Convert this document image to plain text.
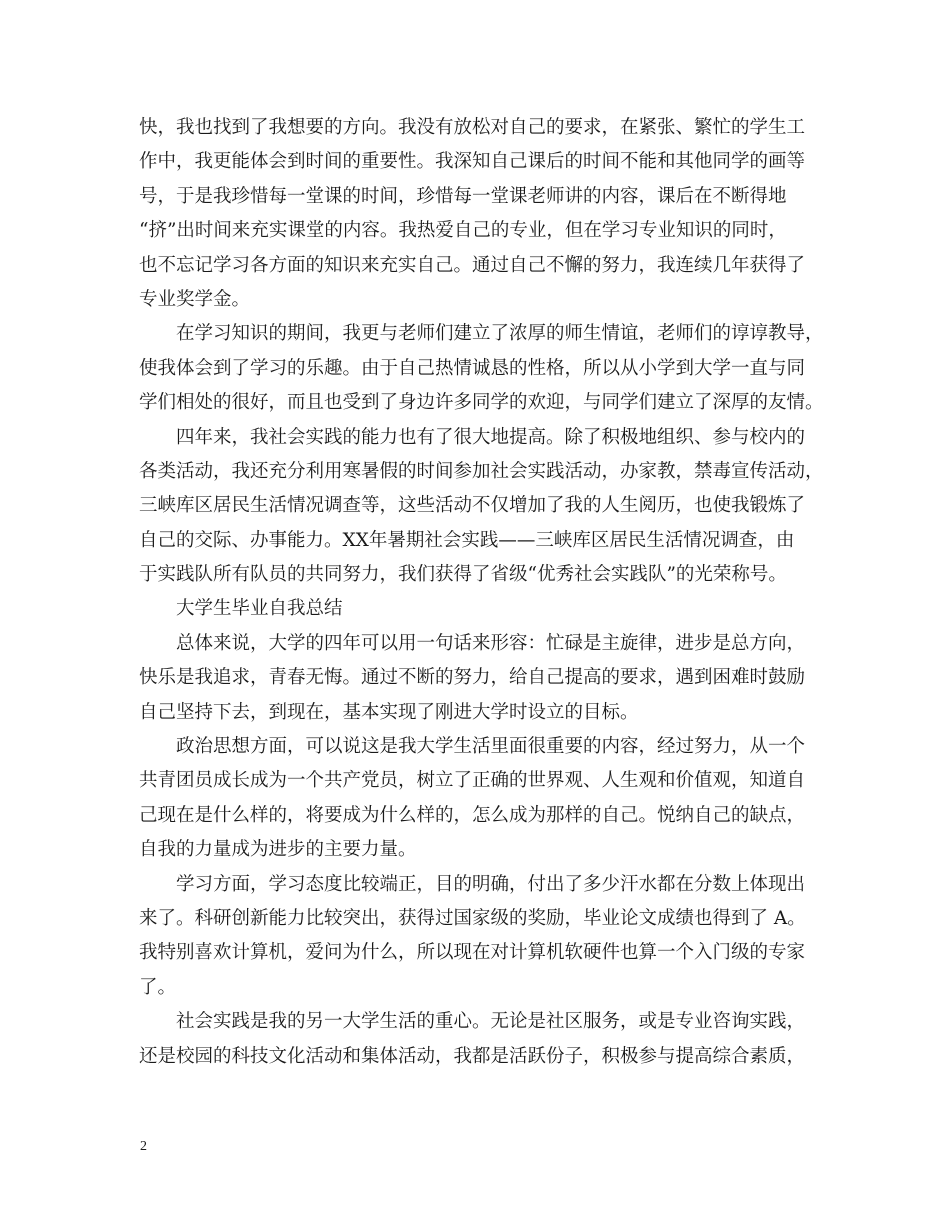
快，我也找到了我想要的方向。我没有放松对自己的要求，在紧张、繁忙的学生工
作中，我更能体会到时间的重要性。我深知自己课后的时间不能和其他同学的画等
号，于是我珍惜每一堂课的时间，珍惜每一堂课老师讲的内容，课后在不断得地
“挤”出时间来充实课堂的内容。我热爱自己的专业，但在学习专业知识的同时，
也不忘记学习各方面的知识来充实自己。通过自己不懈的努力，我连续几年获得了
专业奖学金。
在学习知识的期间，我更与老师们建立了浓厚的师生情谊，老师们的谆谆教导，
使我体会到了学习的乐趣。由于自己热情诚恳的性格，所以从小学到大学一直与同
学们相处的很好，而且也受到了身边许多同学的欢迎，与同学们建立了深厚的友情。
四年来，我社会实践的能力也有了很大地提高。除了积极地组织、参与校内的
各类活动，我还充分利用寒暑假的时间参加社会实践活动，办家教，禁毒宣传活动，
三峡库区居民生活情况调查等，这些活动不仅增加了我的人生阅历，也使我锻炼了
自己的交际、办事能力。XX年暑期社会实践——三峡库区居民生活情况调查，由
于实践队所有队员的共同努力，我们获得了省级“优秀社会实践队”的光荣称号。
大学生毕业自我总结
总体来说，大学的四年可以用一句话来形容：忙碌是主旋律，进步是总方向，
快乐是我追求，青春无悔。通过不断的努力，给自己提高的要求，遇到困难时鼓励
自己坚持下去，到现在，基本实现了刚进大学时设立的目标。
政治思想方面，可以说这是我大学生活里面很重要的内容，经过努力，从一个
共青团员成长成为一个共产党员，树立了正确的世界观、人生观和价值观，知道自
己现在是什么样的，将要成为什么样的，怎么成为那样的自己。悦纳自己的缺点，
自我的力量成为进步的主要力量。
学习方面，学习态度比较端正，目的明确，付出了多少汗水都在分数上体现出
来了。科研创新能力比较突出，获得过国家级的奖励，毕业论文成绩也得到了 A。
我特别喜欢计算机，爱问为什么，所以现在对计算机软硬件也算一个入门级的专家
了。
社会实践是我的另一大学生活的重心。无论是社区服务，或是专业咨询实践，
还是校园的科技文化活动和集体活动，我都是活跃份子，积极参与提高综合素质，
2
